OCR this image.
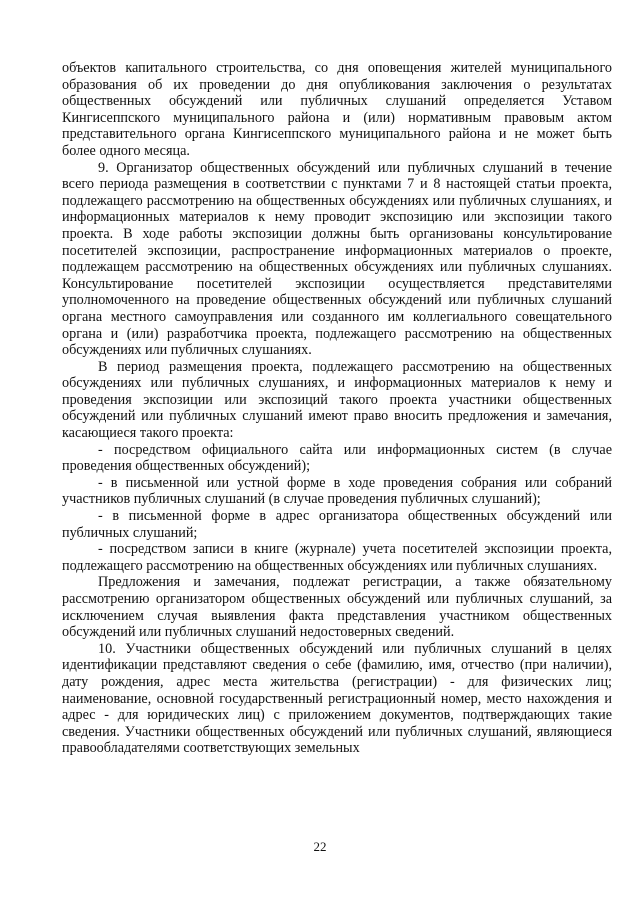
объектов капитального строительства, со дня оповещения жителей муниципального образования об их проведении до дня опубликования заключения о результатах общественных обсуждений или публичных слушаний определяется Уставом Кингисеппского муниципального района и (или) нормативным правовым актом представительного органа Кингисеппского муниципального района и не может быть более одного месяца.

9. Организатор общественных обсуждений или публичных слушаний в течение всего периода размещения в соответствии с пунктами 7 и 8 настоящей статьи проекта, подлежащего рассмотрению на общественных обсуждениях или публичных слушаниях, и информационных материалов к нему проводит экспозицию или экспозиции такого проекта. В ходе работы экспозиции должны быть организованы консультирование посетителей экспозиции, распространение информационных материалов о проекте, подлежащем рассмотрению на общественных обсуждениях или публичных слушаниях. Консультирование посетителей экспозиции осуществляется представителями уполномоченного на проведение общественных обсуждений или публичных слушаний органа местного самоуправления или созданного им коллегиального совещательного органа и (или) разработчика проекта, подлежащего рассмотрению на общественных обсуждениях или публичных слушаниях.

В период размещения проекта, подлежащего рассмотрению на общественных обсуждениях или публичных слушаниях, и информационных материалов к нему и проведения экспозиции или экспозиций такого проекта участники общественных обсуждений или публичных слушаний имеют право вносить предложения и замечания, касающиеся такого проекта:

- посредством официального сайта или информационных систем (в случае проведения общественных обсуждений);

- в письменной или устной форме в ходе проведения собрания или собраний участников публичных слушаний (в случае проведения публичных слушаний);

- в письменной форме в адрес организатора общественных обсуждений или публичных слушаний;

- посредством записи в книге (журнале) учета посетителей экспозиции проекта, подлежащего рассмотрению на общественных обсуждениях или публичных слушаниях.

Предложения и замечания, подлежат регистрации, а также обязательному рассмотрению организатором общественных обсуждений или публичных слушаний, за исключением случая выявления факта представления участником общественных обсуждений или публичных слушаний недостоверных сведений.

10. Участники общественных обсуждений или публичных слушаний в целях идентификации представляют сведения о себе (фамилию, имя, отчество (при наличии), дату рождения, адрес места жительства (регистрации) - для физических лиц; наименование, основной государственный регистрационный номер, место нахождения и адрес - для юридических лиц) с приложением документов, подтверждающих такие сведения. Участники общественных обсуждений или публичных слушаний, являющиеся правообладателями соответствующих земельных

22
